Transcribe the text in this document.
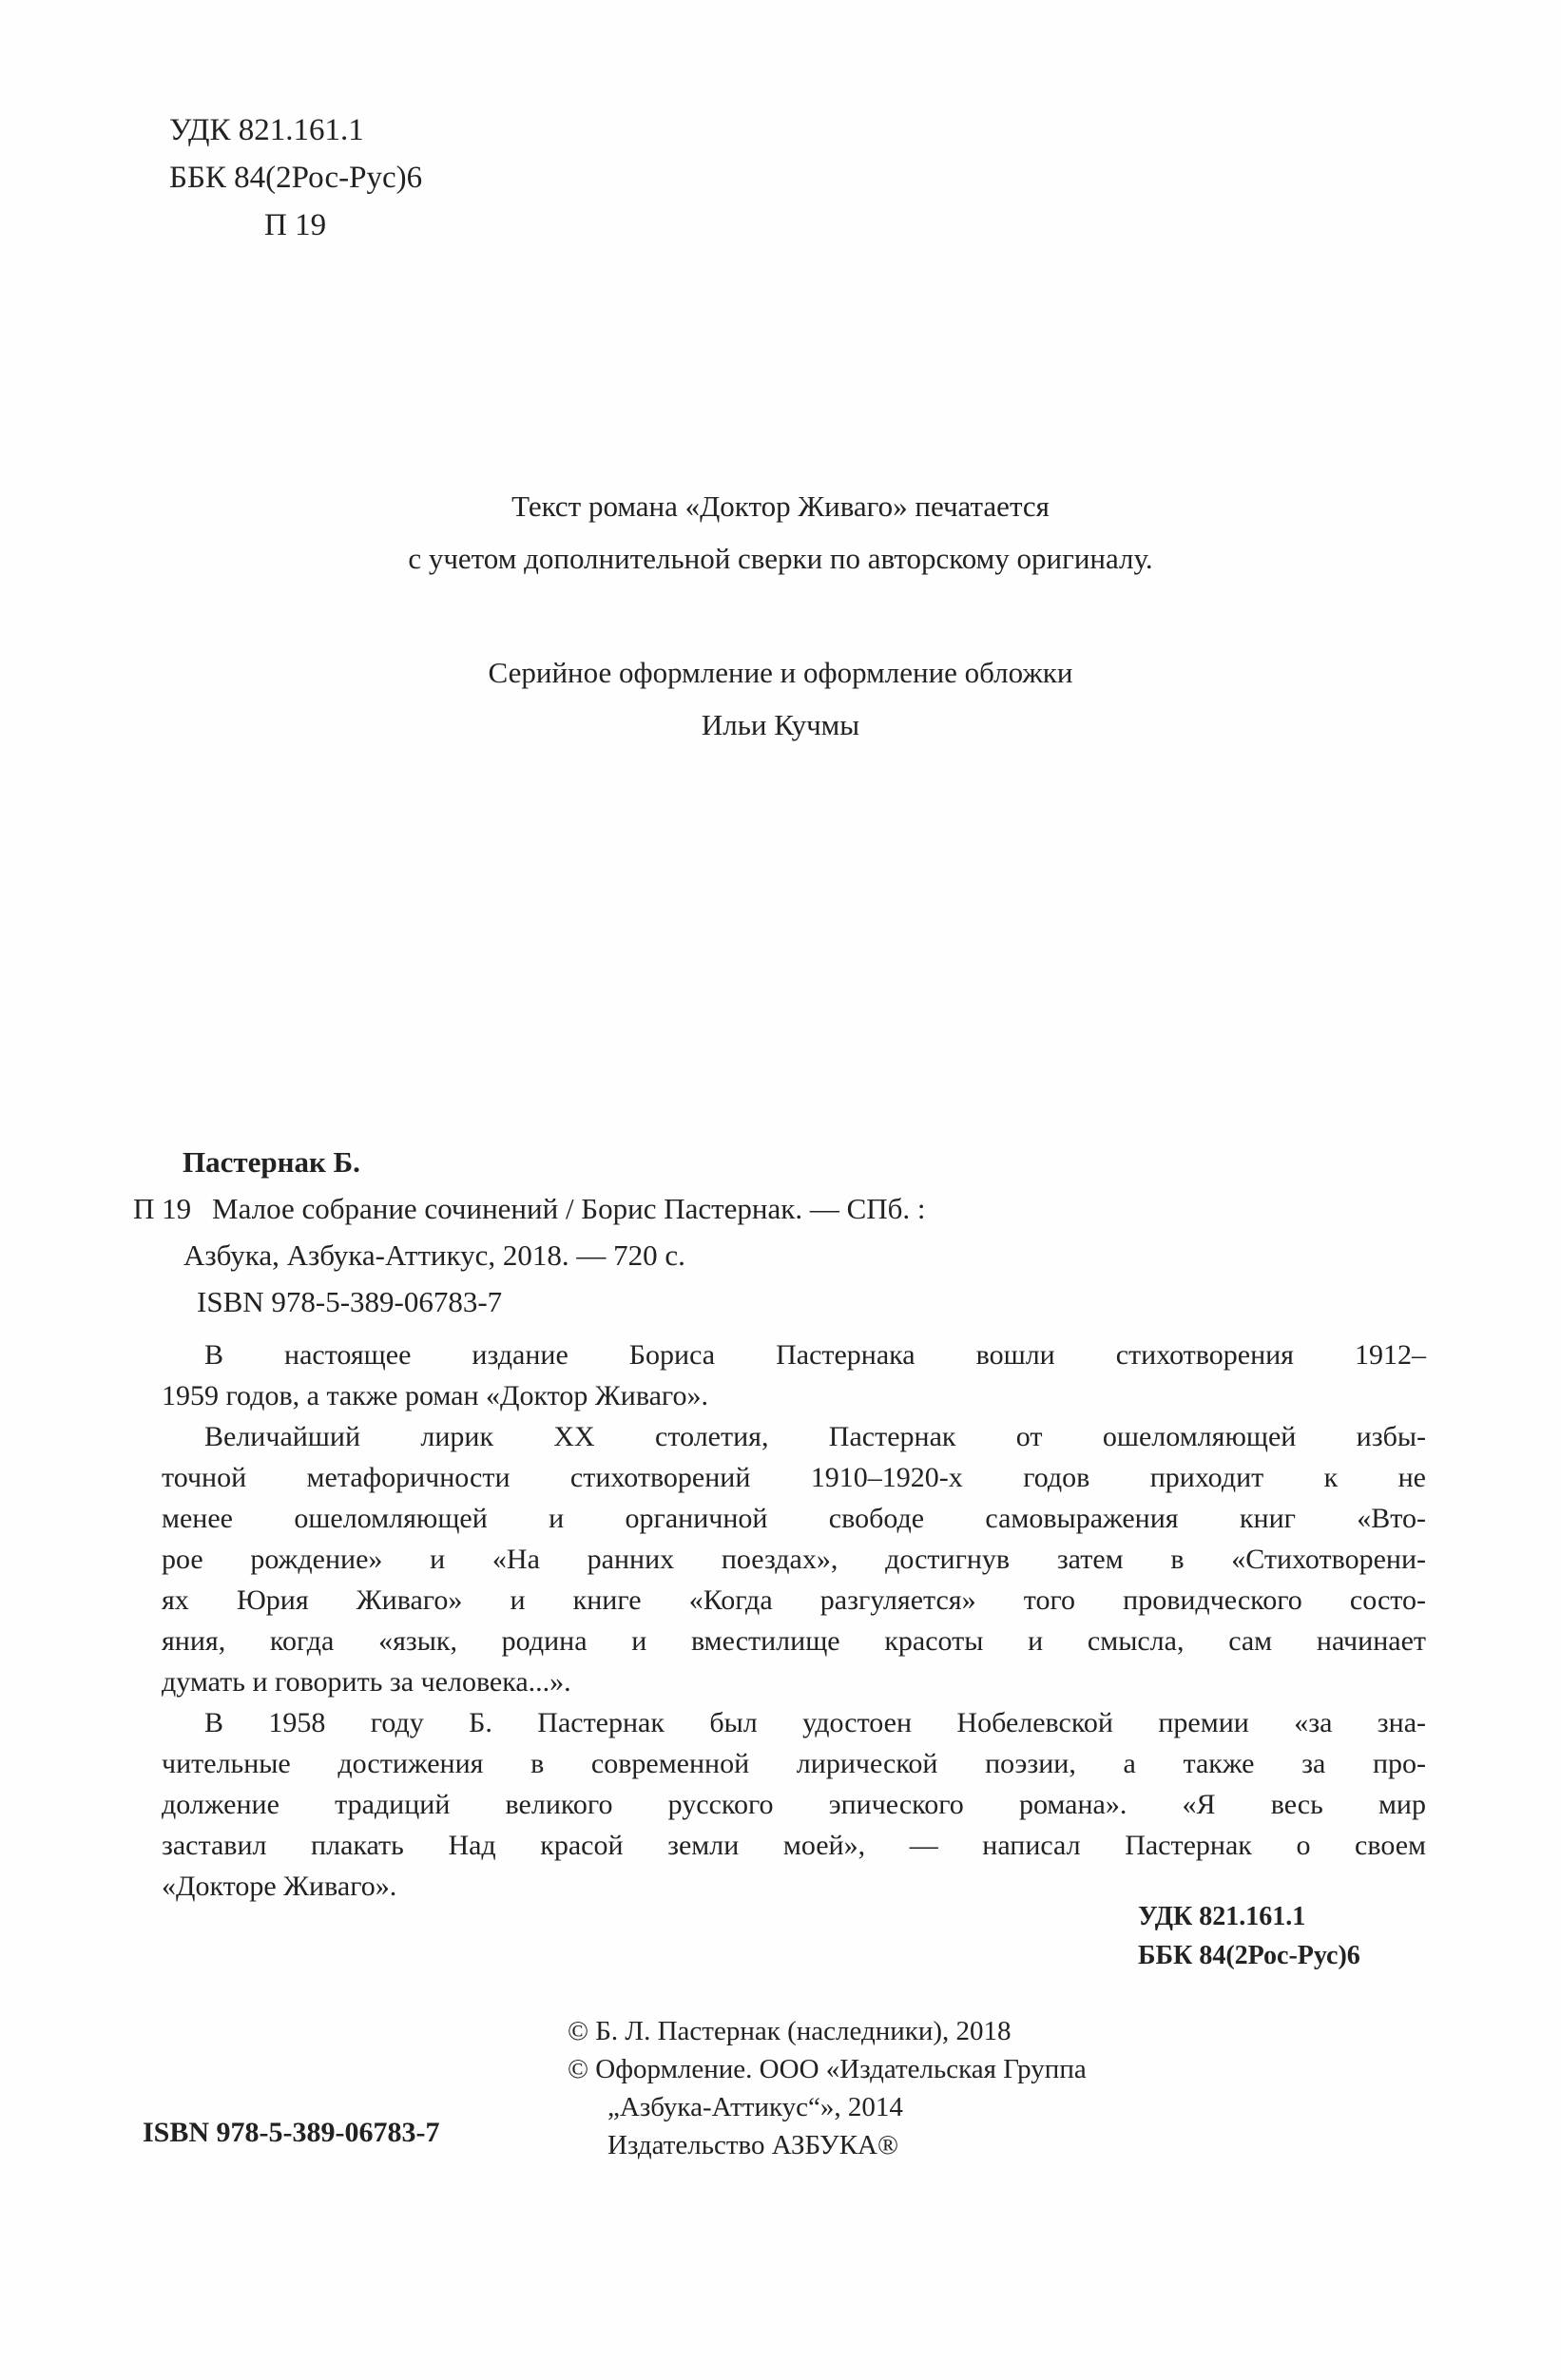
УДК 821.161.1
ББК 84(2Рос-Рус)6
П 19
Текст романа «Доктор Живаго» печатается
с учетом дополнительной сверки по авторскому оригиналу.
Серийное оформление и оформление обложки
Ильи Кучмы
Пастернак Б.
П 19 Малое собрание сочинений / Борис Пастернак. — СПб. :
Азбука, Азбука-Аттикус, 2018. — 720 с.
ISBN 978-5-389-06783-7
В настоящее издание Бориса Пастернака вошли стихотворения 1912–
1959 годов, а также роман «Доктор Живаго».
Величайший лирик XX столетия, Пастернак от ошеломляющей избы-
точной метафоричности стихотворений 1910–1920-х годов приходит к не
менее ошеломляющей и органичной свободе самовыражения книг «Вто-
рое рождение» и «На ранних поездах», достигнув затем в «Стихотворени-
ях Юрия Живаго» и книге «Когда разгуляется» того провидческого состо-
яния, когда «язык, родина и вместилище красоты и смысла, сам начинает
думать и говорить за человека...».
В 1958 году Б. Пастернак был удостоен Нобелевской премии «за зна-
чительные достижения в современной лирической поэзии, а также за про-
должение традиций великого русского эпического романа». «Я весь мир
заставил плакать Над красой земли моей», — написал Пастернак о своем
«Докторе Живаго».
УДК 821.161.1
ББК 84(2Рос-Рус)6
© Б. Л. Пастернак (наследники), 2018
© Оформление. ООО «Издательская Группа
„Азбука-Аттикус“», 2014
Издательство АЗБУКА®
ISBN 978-5-389-06783-7
